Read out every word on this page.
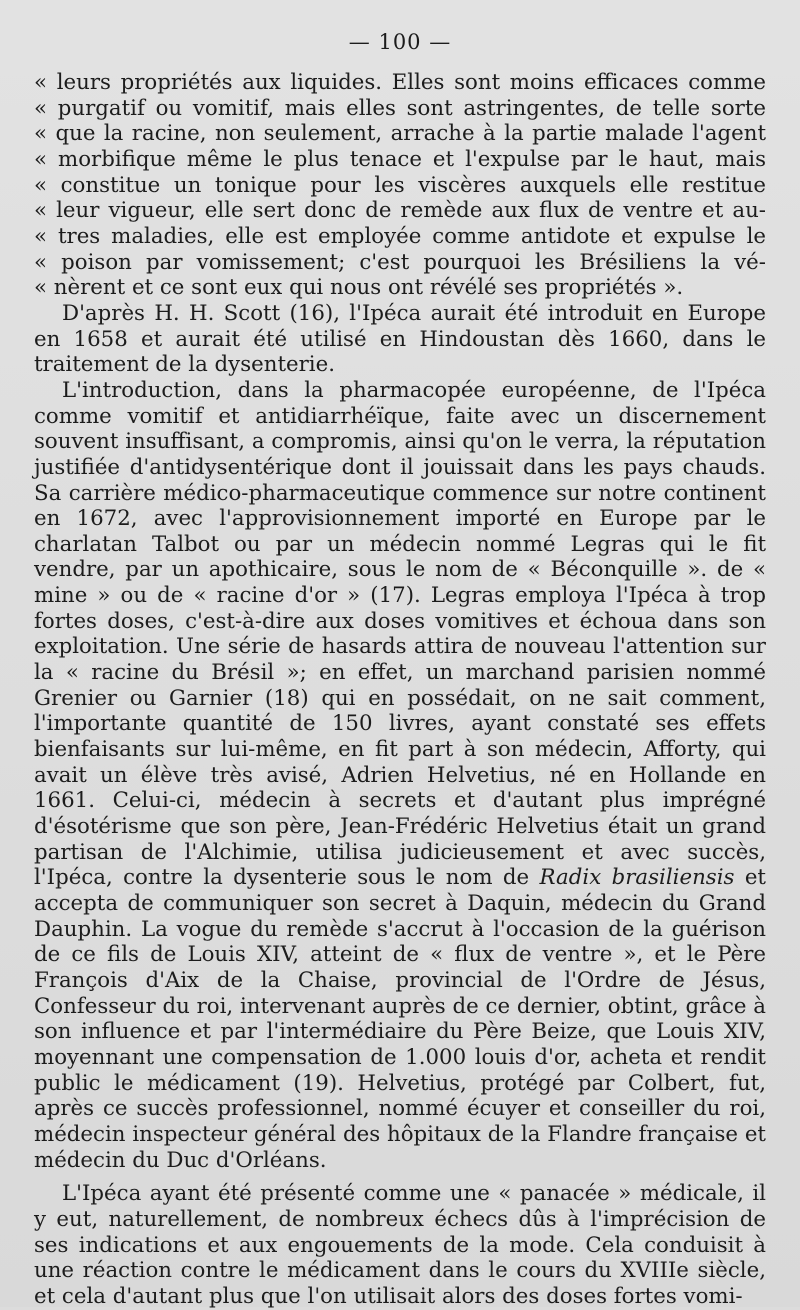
— 100 —

« leurs propriétés aux liquides. Elles sont moins efficaces comme
« purgatif ou vomitif, mais elles sont astringentes, de telle sorte
« que la racine, non seulement, arrache à la partie malade l'agent
« morbifique même le plus tenace et l'expulse par le haut, mais
« constitue un tonique pour les viscères auxquels elle restitue
« leur vigueur, elle sert donc de remède aux flux de ventre et au-
« tres maladies, elle est employée comme antidote et expulse le
« poison par vomissement; c'est pourquoi les Brésiliens la vé-
« nèrent et ce sont eux qui nous ont révélé ses propriétés ».

D'après H. H. Scott (16), l'Ipéca aurait été introduit en Europe en 1658 et aurait été utilisé en Hindoustan dès 1660, dans le traitement de la dysenterie.

L'introduction, dans la pharmacopée européenne, de l'Ipéca comme vomitif et antidiarrhéïque, faite avec un discernement souvent insuffisant, a compromis, ainsi qu'on le verra, la réputation justifiée d'antidysentérique dont il jouissait dans les pays chauds. Sa carrière médico-pharmaceutique commence sur notre continent en 1672, avec l'approvisionnement importé en Europe par le charlatan Talbot ou par un médecin nommé Legras qui le fit vendre, par un apothicaire, sous le nom de « Béconquille ». de « mine » ou de « racine d'or » (17). Legras employa l'Ipéca à trop fortes doses, c'est-à-dire aux doses vomitives et échoua dans son exploitation. Une série de hasards attira de nouveau l'attention sur la « racine du Brésil »; en effet, un marchand parisien nommé Grenier ou Garnier (18) qui en possédait, on ne sait comment, l'importante quantité de 150 livres, ayant constaté ses effets bienfaisants sur lui-même, en fit part à son médecin, Afforty, qui avait un élève très avisé, Adrien Helvetius, né en Hollande en 1661. Celui-ci, médecin à secrets et d'autant plus imprégné d'ésotérisme que son père, Jean-Frédéric Helvetius était un grand partisan de l'Alchimie, utilisa judicieusement et avec succès, l'Ipéca, contre la dysenterie sous le nom de Radix brasiliensis et accepta de communiquer son secret à Daquin, médecin du Grand Dauphin. La vogue du remède s'accrut à l'occasion de la guérison de ce fils de Louis XIV, atteint de « flux de ventre », et le Père François d'Aix de la Chaise, provincial de l'Ordre de Jésus, Confesseur du roi, intervenant auprès de ce dernier, obtint, grâce à son influence et par l'intermédiaire du Père Beize, que Louis XIV, moyennant une compensation de 1.000 louis d'or, acheta et rendit public le médicament (19). Helvetius, protégé par Colbert, fut, après ce succès professionnel, nommé écuyer et conseiller du roi, médecin inspecteur général des hôpitaux de la Flandre française et médecin du Duc d'Orléans.

L'Ipéca ayant été présenté comme une « panacée » médicale, il y eut, naturellement, de nombreux échecs dûs à l'imprécision de ses indications et aux engouements de la mode. Cela conduisit à une réaction contre le médicament dans le cours du XVIIIe siècle, et cela d'autant plus que l'on utilisait alors des doses fortes vomi-
